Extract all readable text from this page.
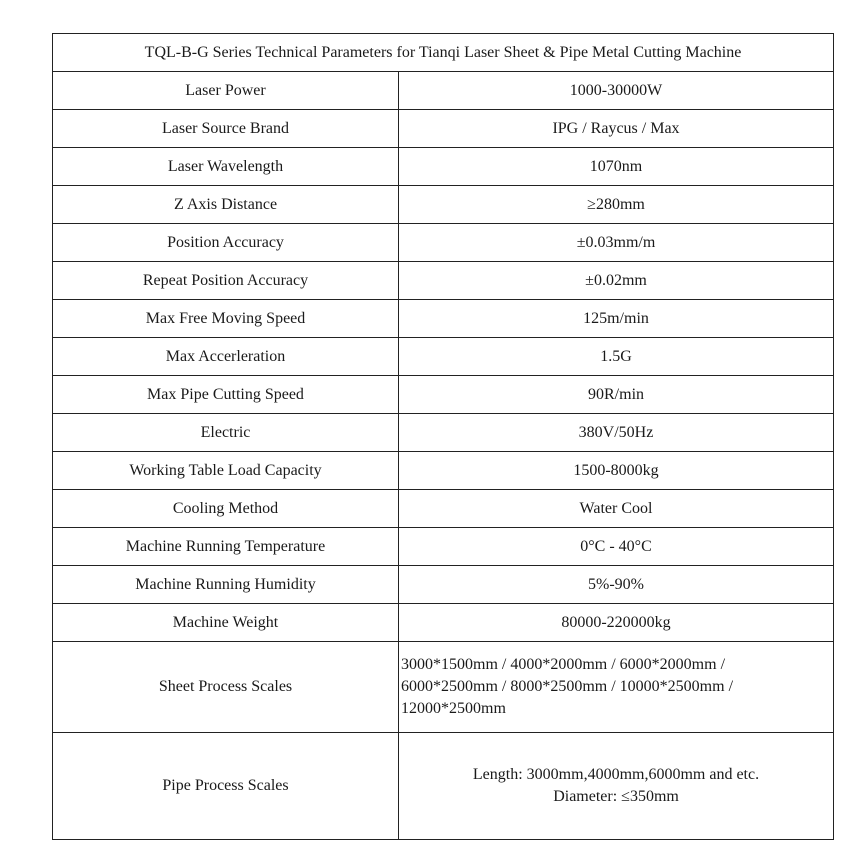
TQL-B-G Series Technical Parameters for Tianqi Laser Sheet & Pipe Metal Cutting Machine	
Laser Power	1000-30000W
Laser Source Brand	IPG / Raycus / Max
Laser Wavelength	1070nm
Z Axis Distance	≥280mm
Position Accuracy	±0.03mm/m
Repeat Position Accuracy	±0.02mm
Max Free Moving Speed	125m/min
Max Accerleration	1.5G
Max Pipe Cutting Speed	90R/min
Electric	380V/50Hz
Working Table Load Capacity	1500-8000kg
Cooling Method	Water Cool
Machine Running Temperature	0°C - 40°C
Machine Running Humidity	5%-90%
Machine Weight	80000-220000kg
Sheet Process Scales	3000*1500mm / 4000*2000mm / 6000*2000mm /
6000*2500mm / 8000*2500mm / 10000*2500mm /
12000*2500mm

Pipe Process Scales	Length: 3000mm,4000mm,6000mm and etc.
Diameter: ≤350mm
